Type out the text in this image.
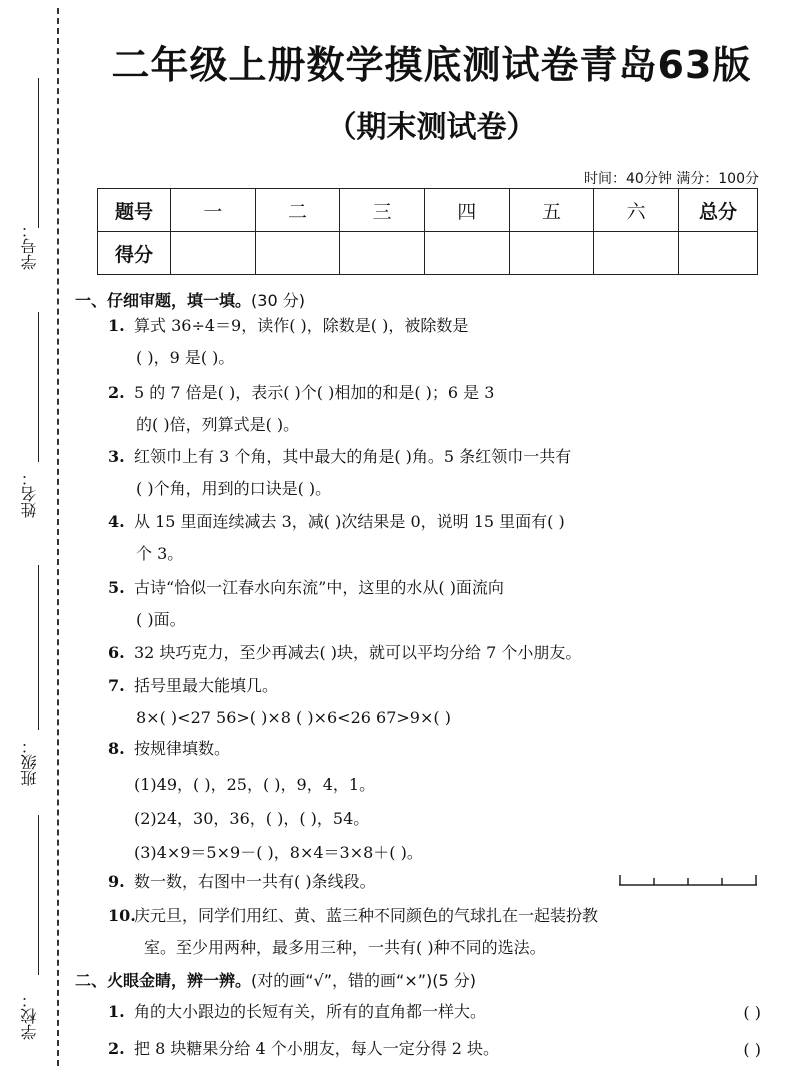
学号：
姓名：
班级：
学校：
二年级上册数学摸底测试卷青岛63版
（期末测试卷）
时间：40分钟 满分：100分
题号	一	二	三	四	五	六	总分
得分							
一、仔细审题，填一填。(30 分)
1. 算式 36÷4＝9，读作( )，除数是( )，被除数是
( )，9 是( )。
2. 5 的 7 倍是( )，表示( )个( )相加的和是( )；6 是 3
的( )倍，列算式是( )。
3. 红领巾上有 3 个角，其中最大的角是( )角。5 条红领巾一共有
( )个角，用到的口诀是( )。
4. 从 15 里面连续减去 3，减( )次结果是 0，说明 15 里面有( )
个 3。
5. 古诗“恰似一江春水向东流”中，这里的水从( )面流向
( )面。
6. 32 块巧克力，至少再减去( )块，就可以平均分给 7 个小朋友。
7. 括号里最大能填几。
8×( )<27 56>( )×8 ( )×6<26 67>9×( )
8. 按规律填数。
(1)49，( )，25，( )，9，4，1。
(2)24，30，36，( )，( )，54。
(3)4×9＝5×9－( )，8×4＝3×8＋( )。
9. 数一数，右图中一共有( )条线段。
10.庆元旦，同学们用红、黄、蓝三种不同颜色的气球扎在一起装扮教
室。至少用两种，最多用三种，一共有( )种不同的选法。
二、火眼金睛，辨一辨。(对的画“√”，错的画“×”)(5 分)
1. 角的大小跟边的长短有关，所有的直角都一样大。	( )
2. 把 8 块糖果分给 4 个小朋友，每人一定分得 2 块。	( )
